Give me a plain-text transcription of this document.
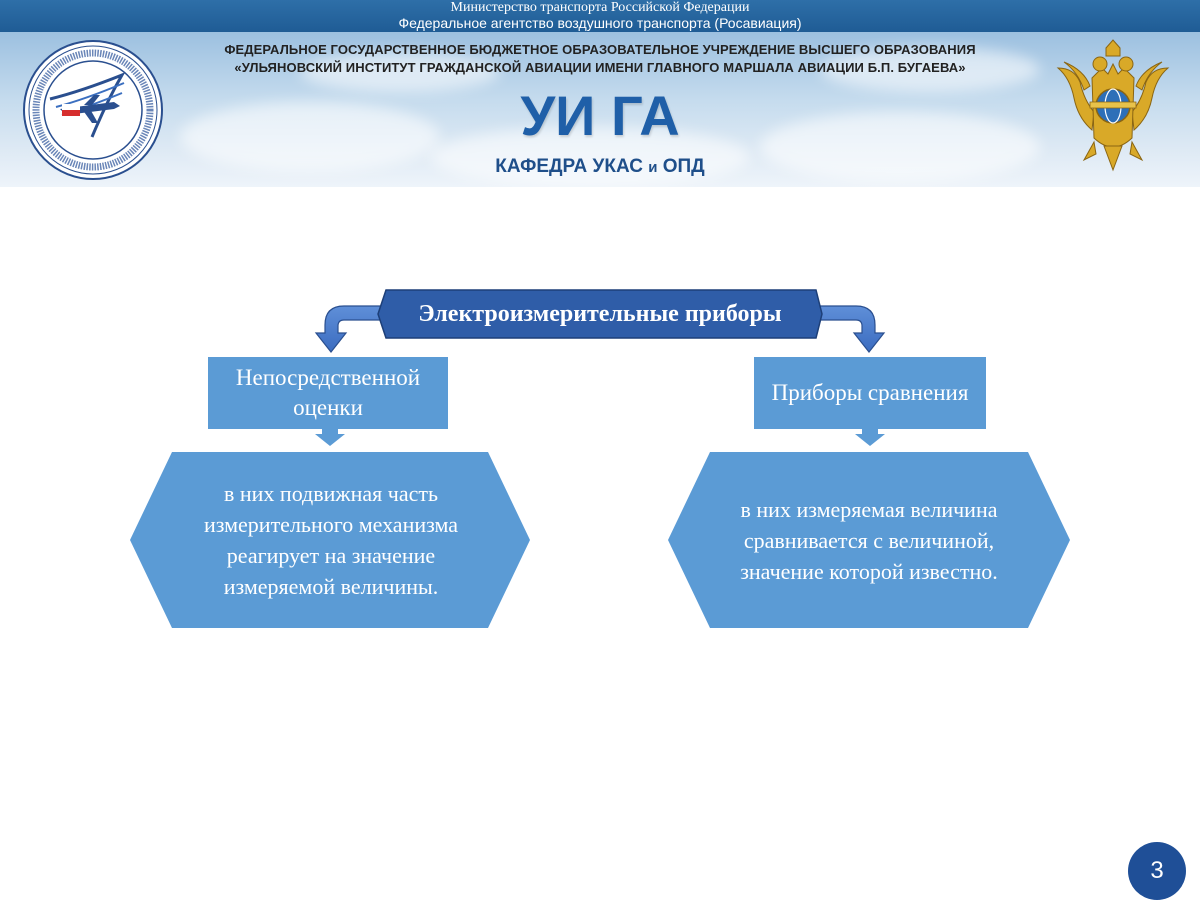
Министерство транспорта Российской Федерации
Федеральное агентство воздушного транспорта (Росавиация)
ФЕДЕРАЛЬНОЕ ГОСУДАРСТВЕННОЕ БЮДЖЕТНОЕ ОБРАЗОВАТЕЛЬНОЕ УЧРЕЖДЕНИЕ ВЫСШЕГО ОБРАЗОВАНИЯ
«УЛЬЯНОВСКИЙ ИНСТИТУТ ГРАЖДАНСКОЙ АВИАЦИИ ИМЕНИ ГЛАВНОГО МАРШАЛА АВИАЦИИ Б.П. БУГАЕВА»
УИ ГА
КАФЕДРА УКАС и ОПД
Электроизмерительные приборы
Непосредственной оценки
Приборы сравнения
в них подвижная часть измерительного механизма реагирует на значение измеряемой величины.
в них измеряемая величина сравнивается с величиной, значение которой известно.
3
